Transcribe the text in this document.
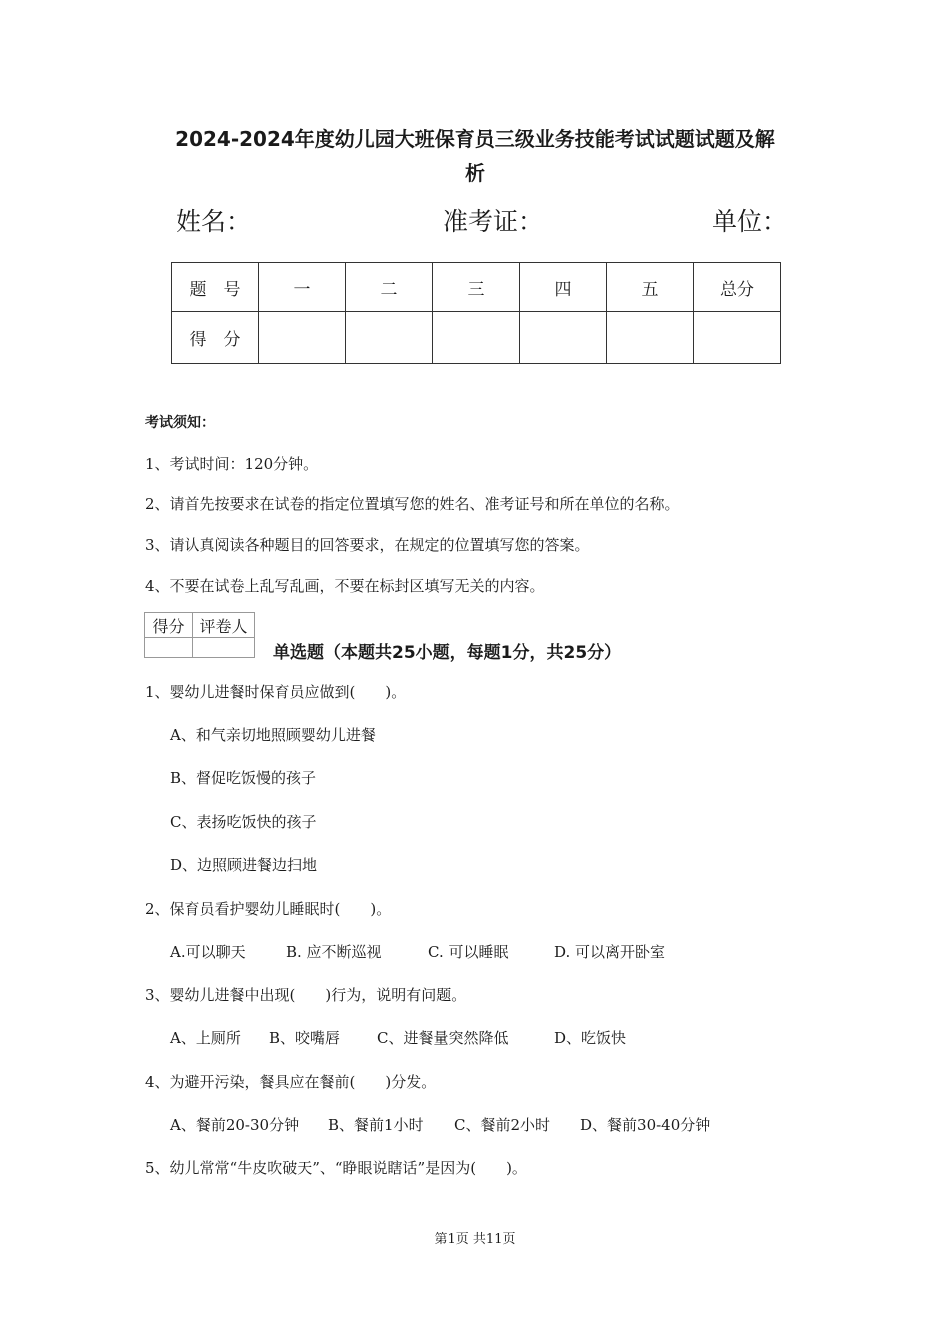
2024-2024年度幼儿园大班保育员三级业务技能考试试题试题及解
析
姓名：	准考证：	单位：
题　号	一	二	三	四	五	总分
得　分						
考试须知：
1、考试时间：120分钟。
2、请首先按要求在试卷的指定位置填写您的姓名、准考证号和所在单位的名称。
3、请认真阅读各种题目的回答要求，在规定的位置填写您的答案。
4、不要在试卷上乱写乱画，不要在标封区填写无关的内容。
得分	评卷人

单选题（本题共25小题，每题1分，共25分）
1、婴幼儿进餐时保育员应做到(　　)。
A、和气亲切地照顾婴幼儿进餐
B、督促吃饭慢的孩子
C、表扬吃饭快的孩子
D、边照顾进餐边扫地
2、保育员看护婴幼儿睡眠时(　　)。
A.可以聊天	B. 应不断巡视	C. 可以睡眠	D. 可以离开卧室
3、婴幼儿进餐中出现(　　)行为，说明有问题。
A、上厕所 B、咬嘴唇 C、进餐量突然降低	D、吃饭快
4、为避开污染，餐具应在餐前(　　)分发。
A、餐前20-30分钟 B、餐前1小时 C、餐前2小时 D、餐前30-40分钟
5、幼儿常常“牛皮吹破天”、“睁眼说瞎话”是因为(　　)。
第1页 共11页
